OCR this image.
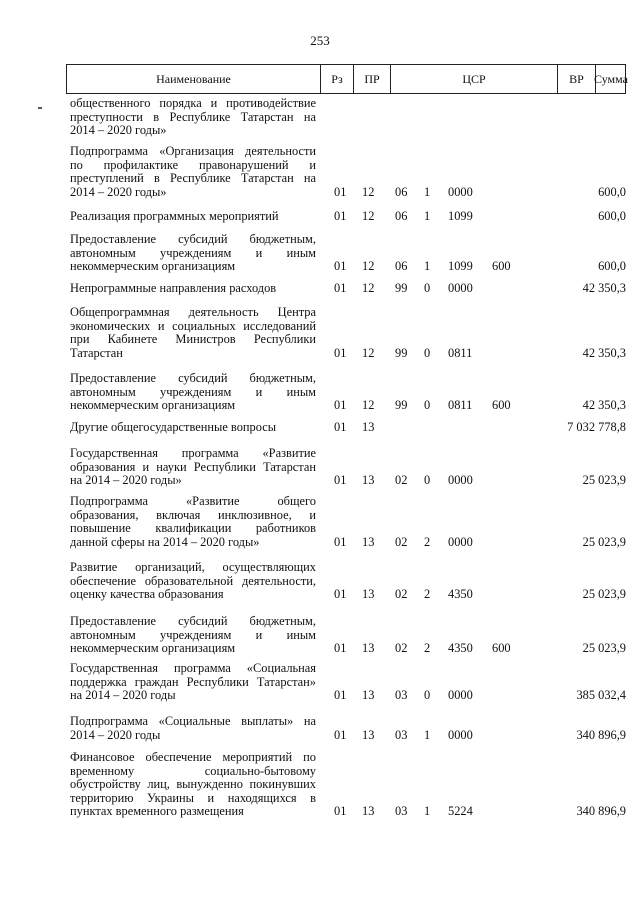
253
Наименование	Рз	ПР	ЦСР	ВР Сумма
общественного порядка и противодействие
преступности в Республике Татарстан на
2014 – 2020 годы»
Подпрограмма «Организация деятельности
по профилактике правонарушений и
преступлений в Республике Татарстан на
2014 – 2020 годы»	01 12 06 1 0000	600,0
Реализация программных мероприятий	01 12 06 1 1099	600,0
Предоставление субсидий бюджетным,
автономным учреждениям и иным
некоммерческим организациям	01 12 06 1 1099 600	600,0
Непрограммные направления расходов	01 12 99 0 0000	42 350,3
Общепрограммная деятельность Центра
экономических и социальных исследований
при Кабинете Министров Республики
Татарстан	01 12 99 0 0811	42 350,3
Предоставление субсидий бюджетным,
автономным учреждениям и иным
некоммерческим организациям	01 12 99 0 0811 600	42 350,3
Другие общегосударственные вопросы	01 13	7 032 778,8
Государственная программа «Развитие
образования и науки Республики Татарстан
на 2014 – 2020 годы»	01 13 02 0 0000	25 023,9
Подпрограмма «Развитие общего
образования, включая инклюзивное, и
повышение квалификации работников
данной сферы на 2014 – 2020 годы»	01 13 02 2 0000	25 023,9
Развитие организаций, осуществляющих
обеспечение образовательной деятельности,
оценку качества образования	01 13 02 2 4350	25 023,9
Предоставление субсидий бюджетным,
автономным учреждениям и иным
некоммерческим организациям	01 13 02 2 4350 600	25 023,9
Государственная программа «Социальная
поддержка граждан Республики Татарстан»
на 2014 – 2020 годы	01 13 03 0 0000	385 032,4
Подпрограмма «Социальные выплаты» на
2014 – 2020 годы	01 13 03 1 0000	340 896,9
Финансовое обеспечение мероприятий по
временному социально-бытовому
обустройству лиц, вынужденно покинувших
территорию Украины и находящихся в
пунктах временного размещения	01 13 03 1 5224	340 896,9
